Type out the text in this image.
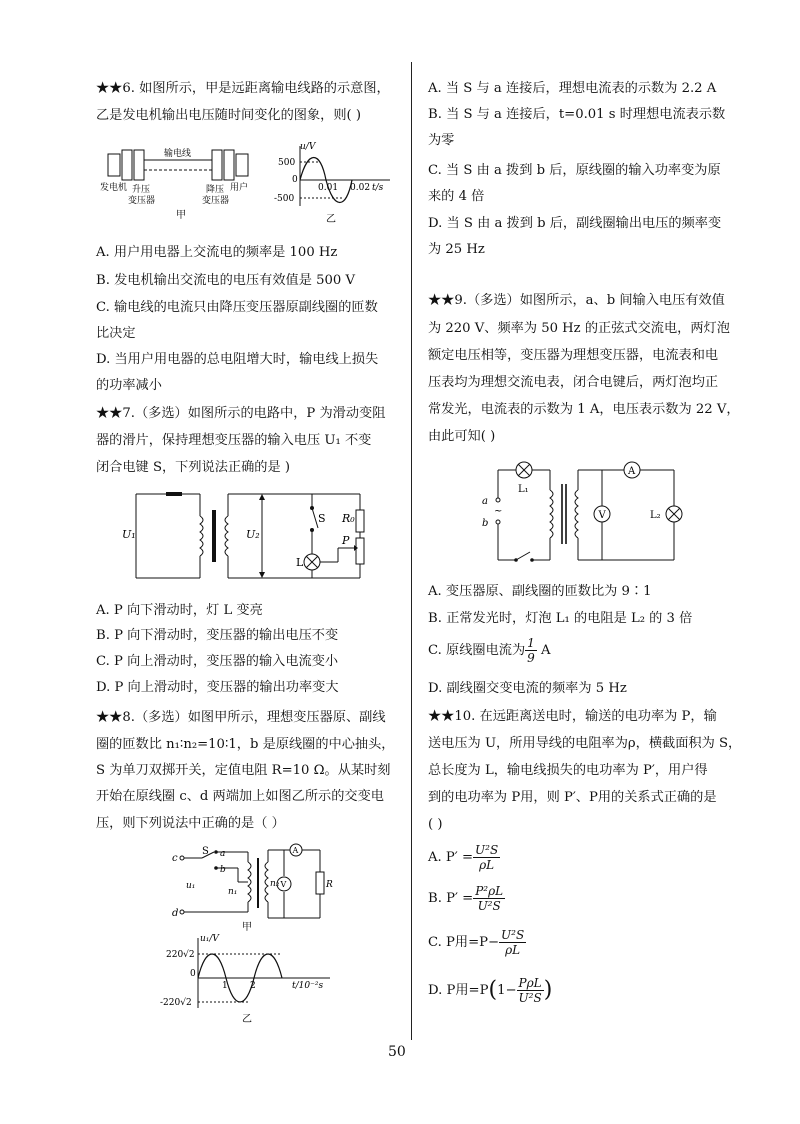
★★6. 如图所示，甲是远距离输电线路的示意图，
乙是发电机输出电压随时间变化的图象，则( )
发电机 升压
变压器
输电线
降压
变压器
用户
甲
u/V
500
-500
0
0.01 0.02 t/s
乙
A. 用户用电器上交流电的频率是 100 Hz
B. 发电机输出交流电的电压有效值是 500 V
C. 输电线的电流只由降压变压器原副线圈的匝数
比决定
D. 当用户用电器的总电阻增大时，输电线上损失
的功率减小
★★7.（多选）如图所示的电路中，P 为滑动变阻
器的滑片，保持理想变压器的输入电压 U₁ 不变
闭合电键 S，下列说法正确的是 )
U₁	U₂
S R₀
P
L
A. P 向下滑动时，灯 L 变亮
B. P 向下滑动时，变压器的输出电压不变
C. P 向上滑动时，变压器的输入电流变小
D. P 向上滑动时，变压器的输出功率变大
★★8.（多选）如图甲所示，理想变压器原、副线
圈的匝数比 n₁∶n₂=10∶1，b 是原线圈的中心抽头，
S 为单刀双掷开关，定值电阻 R=10 Ω。从某时刻
开始在原线圈 c、d 两端加上如图乙所示的交变电
压，则下列说法中正确的是（ ）
A
V
c
d
S a
b
u₁
n₁
n₂	R
甲
u₁/V
220√2
-220√2
0
1 2	t/10⁻²s
乙
A. 当 S 与 a 连接后，理想电流表的示数为 2.2 A
B. 当 S 与 a 连接后，t=0.01 s 时理想电流表示数
为零
C. 当 S 由 a 拨到 b 后，原线圈的输入功率变为原
来的 4 倍
D. 当 S 由 a 拨到 b 后，副线圈输出电压的频率变
为 25 Hz
★★9.（多选）如图所示，a、b 间输入电压有效值
为 220 V、频率为 50 Hz 的正弦式交流电，两灯泡
额定电压相等，变压器为理想变压器，电流表和电
压表均为理想交流电表，闭合电键后，两灯泡均正
常发光，电流表的示数为 1 A，电压表示数为 22 V，
由此可知( )
A
V
a
~
b
L₁
L₂
A. 变压器原、副线圈的匝数比为 9∶1
B. 正常发光时，灯泡 L₁ 的电阻是 L₂ 的 3 倍
C. 原线圈电流为 $\frac{1}{9}$ A
D. 副线圈交变电流的频率为 5 Hz
★★10. 在远距离送电时，输送的电功率为 P，输
送电压为 U，所用导线的电阻率为ρ，横截面积为 S，
总长度为 L，输电线损失的电功率为 P′，用户得
到的电功率为 P用，则 P′、P用的关系式正确的是
( )
A. $P' = \frac{\text{U²S}}{\rho L}$
B. $P' = \frac{\text{P²ρL}}{\text{U²S}}$
C. P用$=P- \frac{\text{U²S}}{\rho L}$
D. P用$=P(1- \frac{\text{PρL}}{\text{U²S}}$ )
50
